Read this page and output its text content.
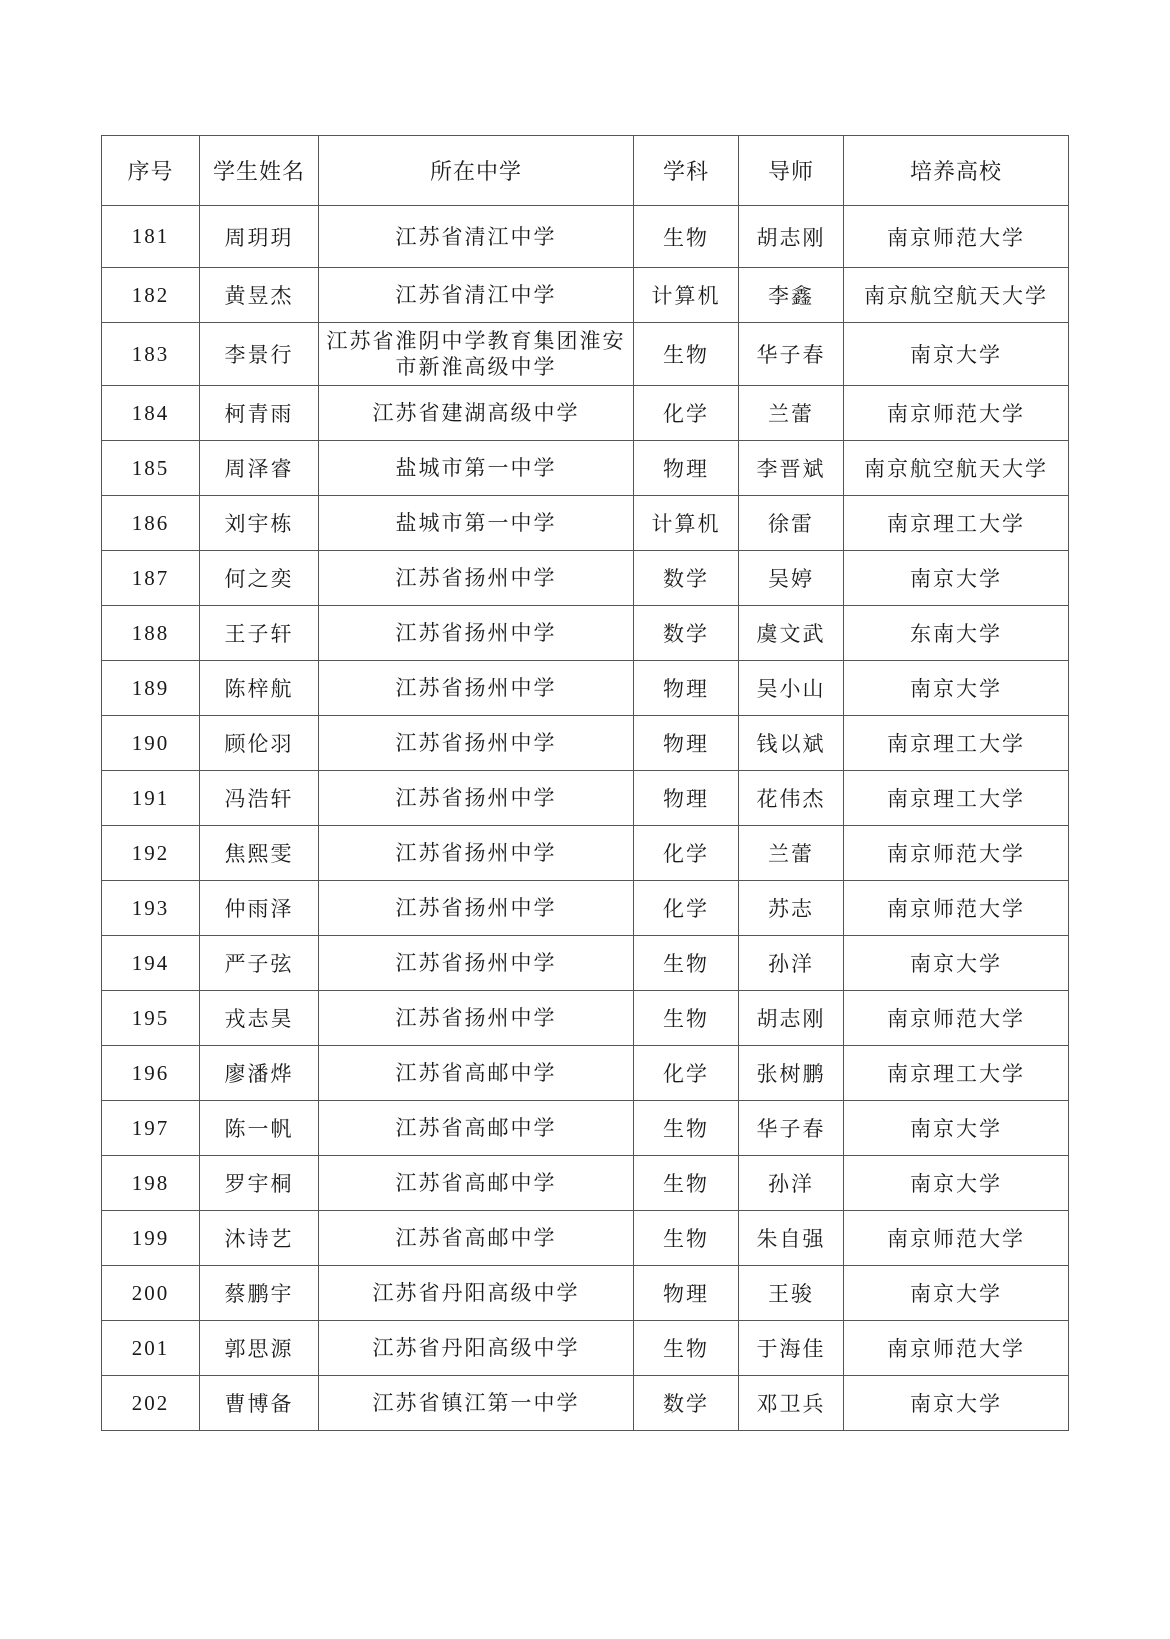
序号	学生姓名	所在中学	学科	导师	培养高校
181	周玥玥	江苏省清江中学	生物	胡志刚	南京师范大学
182	黄昱杰	江苏省清江中学	计算机	李鑫	南京航空航天大学
183	李景行	江苏省淮阴中学教育集团淮安市新淮高级中学	生物	华子春	南京大学
184	柯青雨	江苏省建湖高级中学	化学	兰蕾	南京师范大学
185	周泽睿	盐城市第一中学	物理	李晋斌	南京航空航天大学
186	刘宇栋	盐城市第一中学	计算机	徐雷	南京理工大学
187	何之奕	江苏省扬州中学	数学	吴婷	南京大学
188	王子轩	江苏省扬州中学	数学	虞文武	东南大学
189	陈梓航	江苏省扬州中学	物理	吴小山	南京大学
190	顾伦羽	江苏省扬州中学	物理	钱以斌	南京理工大学
191	冯浩轩	江苏省扬州中学	物理	花伟杰	南京理工大学
192	焦熙雯	江苏省扬州中学	化学	兰蕾	南京师范大学
193	仲雨泽	江苏省扬州中学	化学	苏志	南京师范大学
194	严子弦	江苏省扬州中学	生物	孙洋	南京大学
195	戎志昊	江苏省扬州中学	生物	胡志刚	南京师范大学
196	廖潘烨	江苏省高邮中学	化学	张树鹏	南京理工大学
197	陈一帆	江苏省高邮中学	生物	华子春	南京大学
198	罗宇桐	江苏省高邮中学	生物	孙洋	南京大学
199	沐诗艺	江苏省高邮中学	生物	朱自强	南京师范大学
200	蔡鹏宇	江苏省丹阳高级中学	物理	王骏	南京大学
201	郭思源	江苏省丹阳高级中学	生物	于海佳	南京师范大学
202	曹博备	江苏省镇江第一中学	数学	邓卫兵	南京大学
